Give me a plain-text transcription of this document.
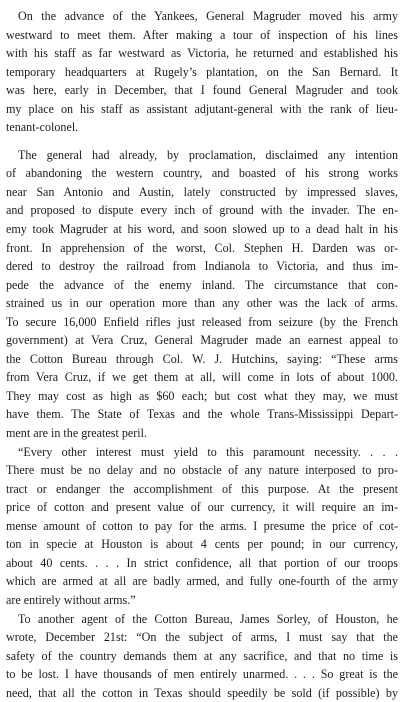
On the advance of the Yankees, General Magruder moved his army
westward to meet them. After making a tour of inspection of his lines
with his staff as far westward as Victoria, he returned and established his
temporary headquarters at Rugely’s plantation, on the San Bernard. It
was here, early in December, that I found General Magruder and took
my place on his staff as assistant adjutant-general with the rank of lieu-
tenant-colonel.
The general had already, by proclamation, disclaimed any intention
of abandoning the western country, and boasted of his strong works
near San Antonio and Austin, lately constructed by impressed slaves,
and proposed to dispute every inch of ground with the invader. The en-
emy took Magruder at his word, and soon slowed up to a dead halt in his
front. In apprehension of the worst, Col. Stephen H. Darden was or-
dered to destroy the railroad from Indianola to Victoria, and thus im-
pede the advance of the enemy inland. The circumstance that con-
strained us in our operation more than any other was the lack of arms.
To secure 16,000 Enfield rifles just released from seizure (by the French
government) at Vera Cruz, General Magruder made an earnest appeal to
the Cotton Bureau through Col. W. J. Hutchins, saying: “These arms
from Vera Cruz, if we get them at all, will come in lots of about 1000.
They may cost as high as $60 each; but cost what they may, we must
have them. The State of Texas and the whole Trans-Mississippi Depart-
ment are in the greatest peril.
“Every other interest must yield to this paramount necessity. . . .
There must be no delay and no obstacle of any nature interposed to pro-
tract or endanger the accomplishment of this purpose. At the present
price of cotton and present value of our currency, it will require an im-
mense amount of cotton to pay for the arms. I presume the price of cot-
ton in specie at Houston is about 4 cents per pound; in our currency,
about 40 cents. . . . In strict confidence, all that portion of our troops
which are armed at all are badly armed, and fully one-fourth of the army
are entirely without arms.”
To another agent of the Cotton Bureau, James Sorley, of Houston, he
wrote, December 21st: “On the subject of arms, I must say that the
safety of the country demands them at any sacrifice, and that no time is
to be lost. I have thousands of men entirely unarmed. . . . So great is the
need, that all the cotton in Texas should speedily be sold (if possible) by
